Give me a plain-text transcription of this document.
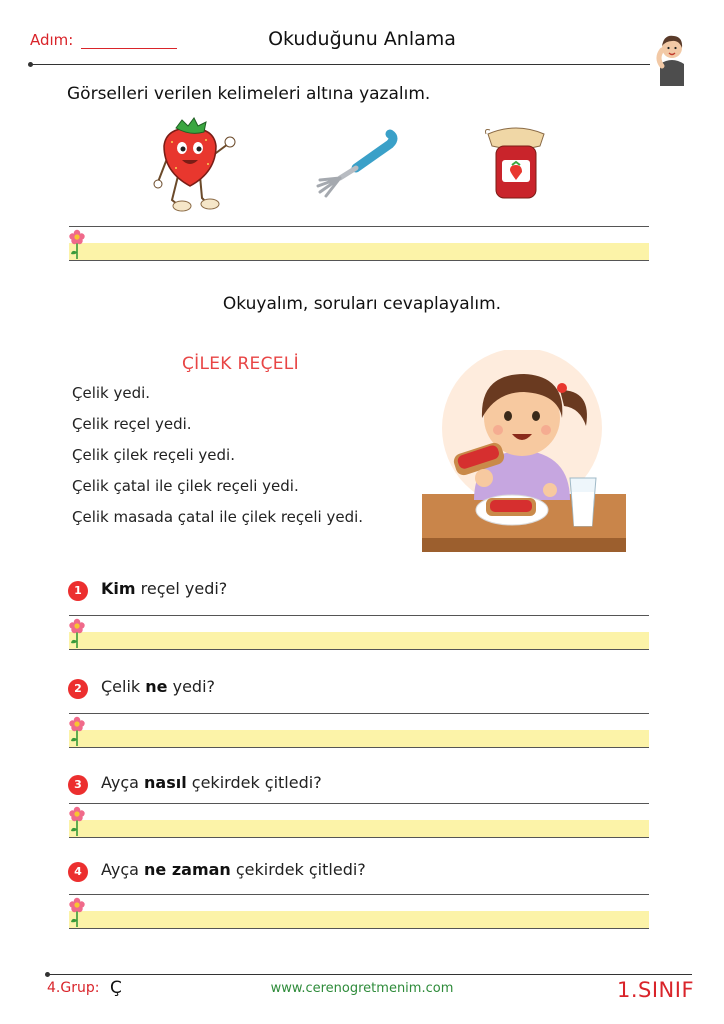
Adım:	Okuduğunu Anlama
Görselleri verilen kelimeleri altına yazalım.
Okuyalım, soruları cevaplayalım.
ÇİLEK REÇELİ
Çelik yedi.
Çelik reçel yedi.
Çelik çilek reçeli yedi.
Çelik çatal ile çilek reçeli yedi.
Çelik masada çatal ile çilek reçeli yedi.
1	Kim reçel yedi?
2	Çelik ne yedi?
3	Ayça nasıl çekirdek çitledi?
4	Ayça ne zaman çekirdek çitledi?
4.Grup: Ç	www.cerenogretmenim.com	1.SINIF
